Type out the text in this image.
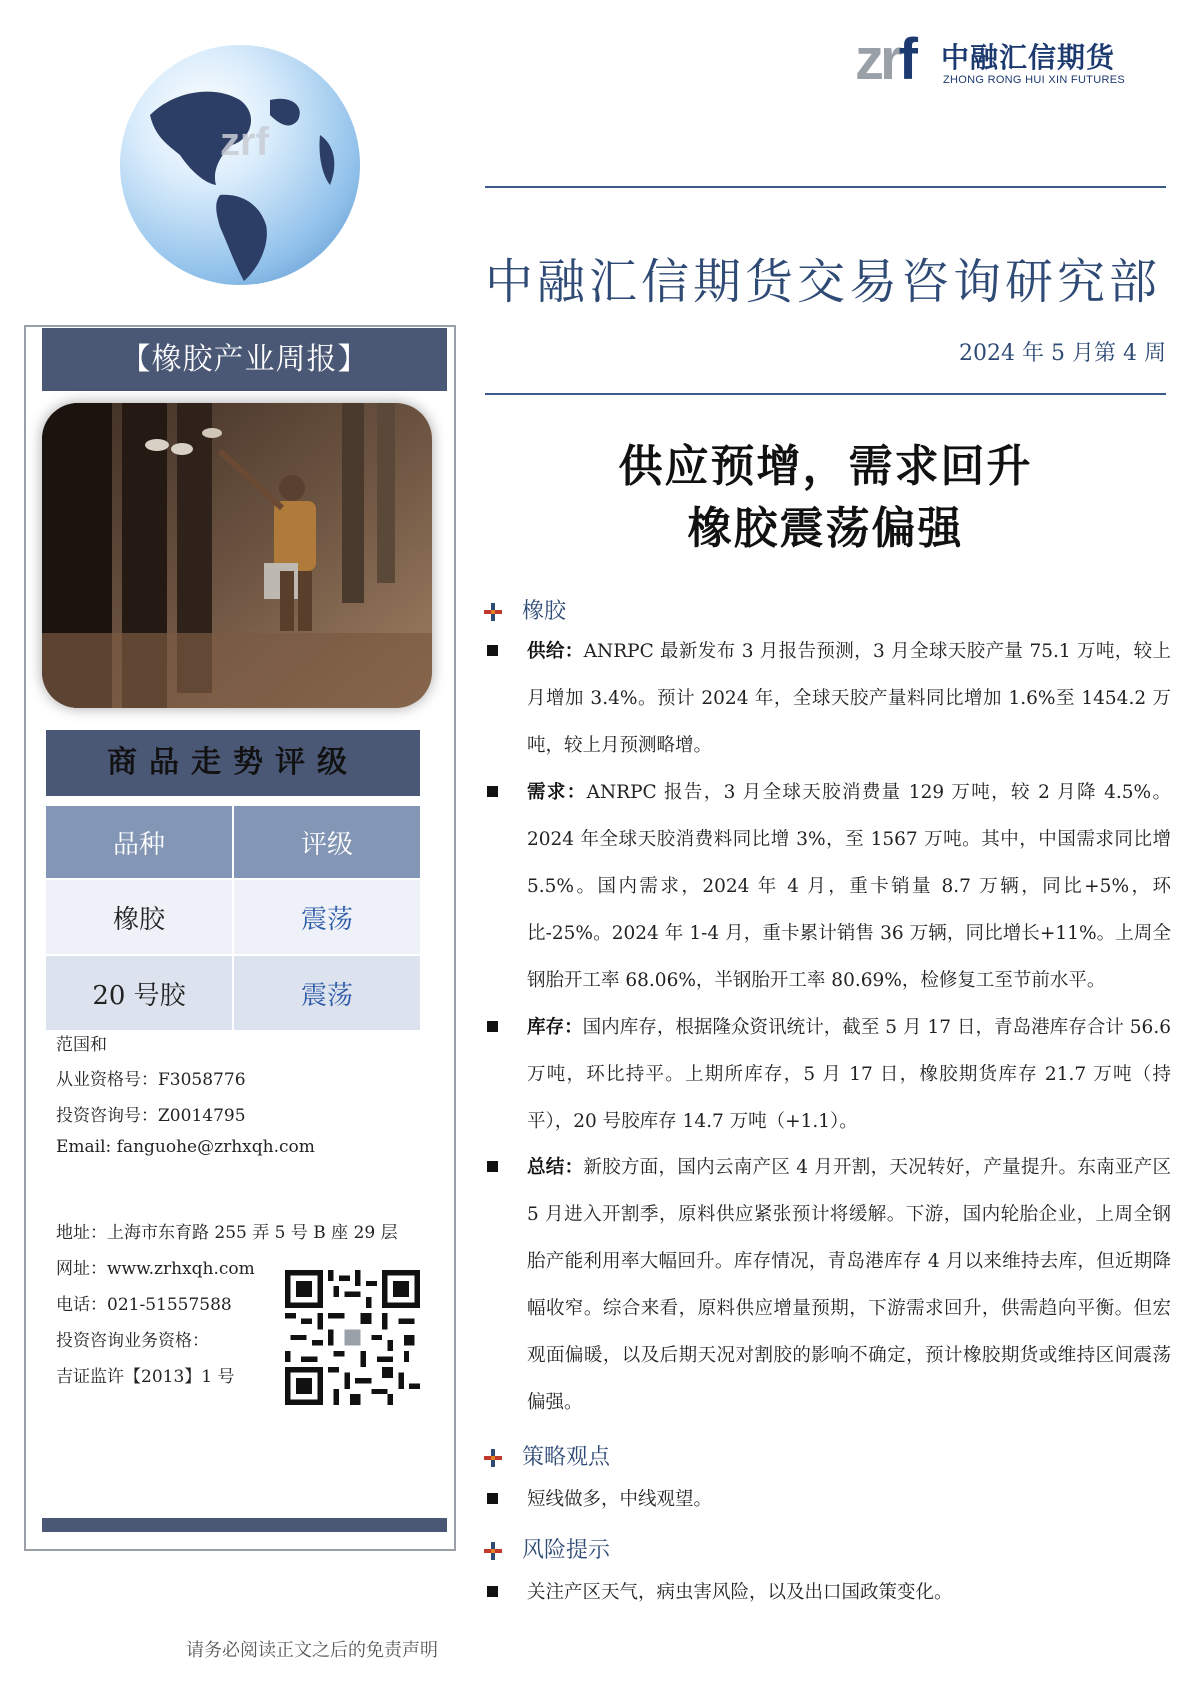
zrf
zrf 中融汇信期货
ZHONG RONG HUI XIN FUTURES
中融汇信期货交易咨询研究部
2024 年 5 月第 4 周
供应预增，需求回升
橡胶震荡偏强
【橡胶产业周报】
商品走势评级
品种	评级
橡胶	震荡
20 号胶	震荡
范国和
从业资格号：F3058776
投资咨询号：Z0014795
Email: fanguohe@zrhxqh.com
地址：上海市东育路 255 弄 5 号 B 座 29 层
网址：www.zrhxqh.com
电话：021-51557588
投资咨询业务资格：
吉证监许【2013】1 号
请务必阅读正文之后的免责声明
橡胶
供给：ANRPC 最新发布 3 月报告预测，3 月全球天胶产量 75.1 万吨，较上月增加 3.4%。预计 2024 年，全球天胶产量料同比增加 1.6%至 1454.2 万吨，较上月预测略增。
需求：ANRPC 报告，3 月全球天胶消费量 129 万吨，较 2 月降 4.5%。2024 年全球天胶消费料同比增 3%，至 1567 万吨。其中，中国需求同比增 5.5%。国内需求，2024 年 4 月，重卡销量 8.7 万辆，同比+5%，环比-25%。2024 年 1-4 月，重卡累计销售 36 万辆，同比增长+11%。上周全钢胎开工率 68.06%，半钢胎开工率 80.69%，检修复工至节前水平。
库存：国内库存，根据隆众资讯统计，截至 5 月 17 日，青岛港库存合计 56.6 万吨，环比持平。上期所库存，5 月 17 日，橡胶期货库存 21.7 万吨（持平），20 号胶库存 14.7 万吨（+1.1）。
总结：新胶方面，国内云南产区 4 月开割，天况转好，产量提升。东南亚产区 5 月进入开割季，原料供应紧张预计将缓解。下游，国内轮胎企业，上周全钢胎产能利用率大幅回升。库存情况，青岛港库存 4 月以来维持去库，但近期降幅收窄。综合来看，原料供应增量预期，下游需求回升，供需趋向平衡。但宏观面偏暖，以及后期天况对割胶的影响不确定，预计橡胶期货或维持区间震荡偏强。
策略观点
短线做多，中线观望。
风险提示
关注产区天气，病虫害风险，以及出口国政策变化。
